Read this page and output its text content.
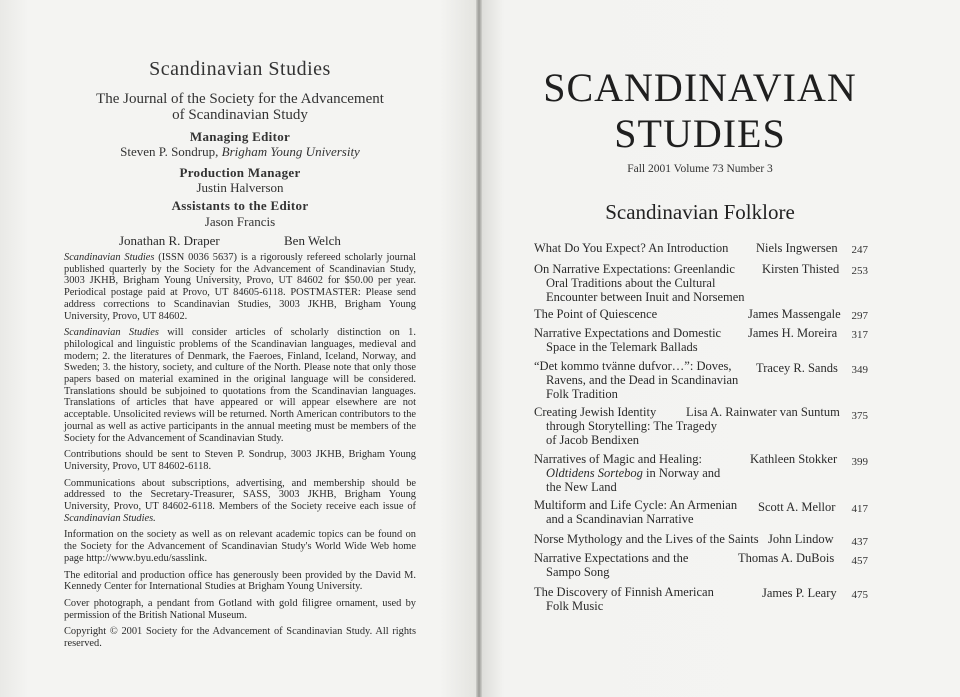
Scandinavian Studies
The Journal of the Society for the Advancement
of Scandinavian Study
Managing Editor
Steven P. Sondrup, Brigham Young University
Production Manager
Justin Halverson
Assistants to the Editor
Jason Francis
Jonathan R. Draper	Ben Welch

Scandinavian Studies (ISSN 0036 5637) is a rigorously refereed scholarly journal published quarterly by the Society for the Advancement of Scandinavian Study, 3003 JKHB, Brigham Young University, Provo, UT 84602 for $50.00 per year. Periodical postage paid at Provo, UT 84605-6118. POSTMASTER: Please send address corrections to Scandinavian Studies, 3003 JKHB, Brigham Young University, Provo, UT 84602.

Scandinavian Studies will consider articles of scholarly distinction on 1. philological and linguistic problems of the Scandinavian languages, medieval and modern; 2. the literatures of Denmark, the Faeroes, Finland, Iceland, Norway, and Sweden; 3. the history, society, and culture of the North. Please note that only those papers based on material examined in the original language will be considered. Translations should be subjoined to quotations from the Scandinavian languages. Translations of articles that have appeared or will appear elsewhere are not acceptable. Unsolicited reviews will be returned. North American contributors to the journal as well as active participants in the annual meeting must be members of the Society for the Advancement of Scandinavian Study.

Contributions should be sent to Steven P. Sondrup, 3003 JKHB, Brigham Young University, Provo, UT 84602-6118.

Communications about subscriptions, advertising, and membership should be addressed to the Secretary-Treasurer, SASS, 3003 JKHB, Brigham Young University, Provo, UT 84602-6118. Members of the Society receive each issue of Scandinavian Studies.

Information on the society as well as on relevant academic topics can be found on the Society for the Advancement of Scandinavian Study's World Wide Web home page http://www.byu.edu/sasslink.

The editorial and production office has generously been provided by the David M. Kennedy Center for International Studies at Brigham Young University.

Cover photograph, a pendant from Gotland with gold filigree ornament, used by permission of the British National Museum.

Copyright © 2001 Society for the Advancement of Scandinavian Study. All rights reserved.

SCANDINAVIAN
STUDIES
Fall 2001 Volume 73 Number 3
Scandinavian Folklore
What Do You Expect? An Introduction Niels Ingwersen	247
On Narrative Expectations: Greenlandic
Oral Traditions about the Cultural
Encounter between Inuit and Norsemen
Kirsten Thisted	253
The Point of Quiescence	James Massengale 297
Narrative Expectations and Domestic
Space in the Telemark Ballads
James H. Moreira	317
“Det kommo tvänne dufvor…”: Doves,
Ravens, and the Dead in Scandinavian
Folk Tradition
Tracey R. Sands	349
Creating Jewish Identity
through Storytelling: The Tragedy
of Jacob Bendixen
Lisa A. Rainwater van Suntum	375
Narratives of Magic and Healing:
Oldtidens Sortebog in Norway and
the New Land
Kathleen Stokker	399
Multiform and Life Cycle: An Armenian
and a Scandinavian Narrative
Scott A. Mellor	417
Norse Mythology and the Lives of the Saints John Lindow	437
Narrative Expectations and the
Sampo Song
Thomas A. DuBois	457
The Discovery of Finnish American
Folk Music
James P. Leary	475
